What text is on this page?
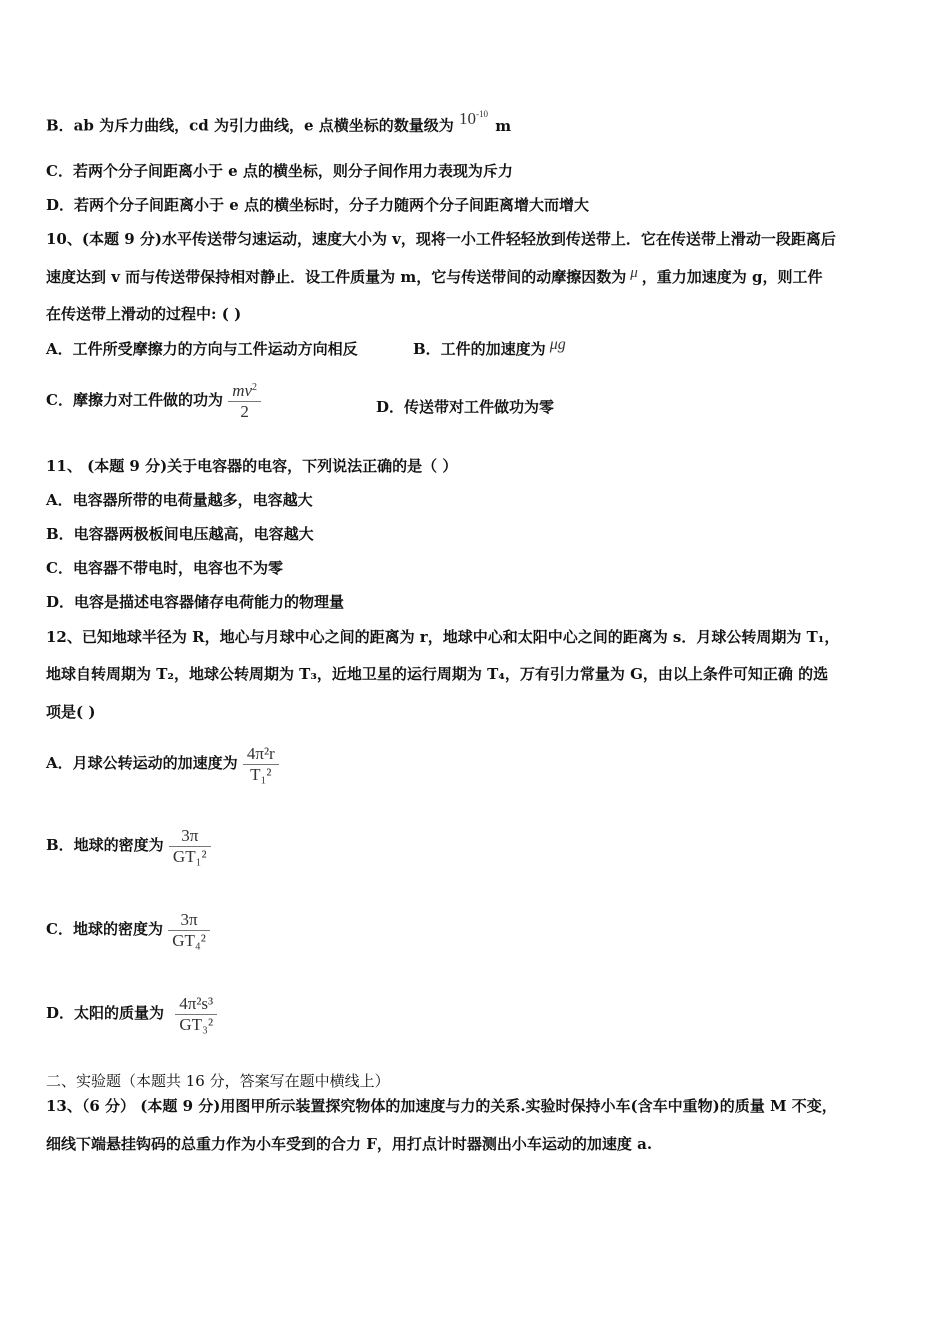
B．ab 为斥力曲线，cd 为引力曲线，e 点横坐标的数量级为 $10^{-10}$ m
C．若两个分子间距离小于 e 点的横坐标，则分子间作用力表现为斥力
D．若两个分子间距离小于 e 点的横坐标时，分子力随两个分子间距离增大而增大
10、(本题 9 分)水平传送带匀速运动，速度大小为 v，现将一小工件轻轻放到传送带上．它在传送带上滑动一段距离后
速度达到 v 而与传送带保持相对静止．设工件质量为 m，它与传送带间的动摩擦因数为 μ ，重力加速度为 g，则工件
在传送带上滑动的过程中: ( )
A．工件所受摩擦力的方向与工件运动方向相反	B．工件的加速度为 μg
C．摩擦力对工件做的功为 $\frac{mv^2}{2}$	D．传送带对工件做功为零
11、 (本题 9 分)关于电容器的电容，下列说法正确的是（ ）
A．电容器所带的电荷量越多，电容越大
B．电容器两极板间电压越高，电容越大
C．电容器不带电时，电容也不为零
D．电容是描述电容器储存电荷能力的物理量
12、已知地球半径为 R，地心与月球中心之间的距离为 r，地球中心和太阳中心之间的距离为 s．月球公转周期为 T₁，
地球自转周期为 T₂，地球公转周期为 T₃，近地卫星的运行周期为 T₄，万有引力常量为 G，由以上条件可知正确 的选
项是( )
A．月球公转运动的加速度为 $\frac{\text{4π²r}}{\text{T₁²}}$
B．地球的密度为 $\frac{3\pi}{\text{GT₁²}}$
C．地球的密度为 $\frac{3\pi}{\text{GT₄²}}$
D．太阳的质量为 $\frac{\text{4π²s³}}{\text{GT₃²}}$
二、实验题（本题共 16 分，答案写在题中横线上）
13、（6 分） (本题 9 分)用图甲所示装置探究物体的加速度与力的关系.实验时保持小车(含车中重物)的质量 M 不变，
细线下端悬挂钩码的总重力作为小车受到的合力 F，用打点计时器测出小车运动的加速度 a.
